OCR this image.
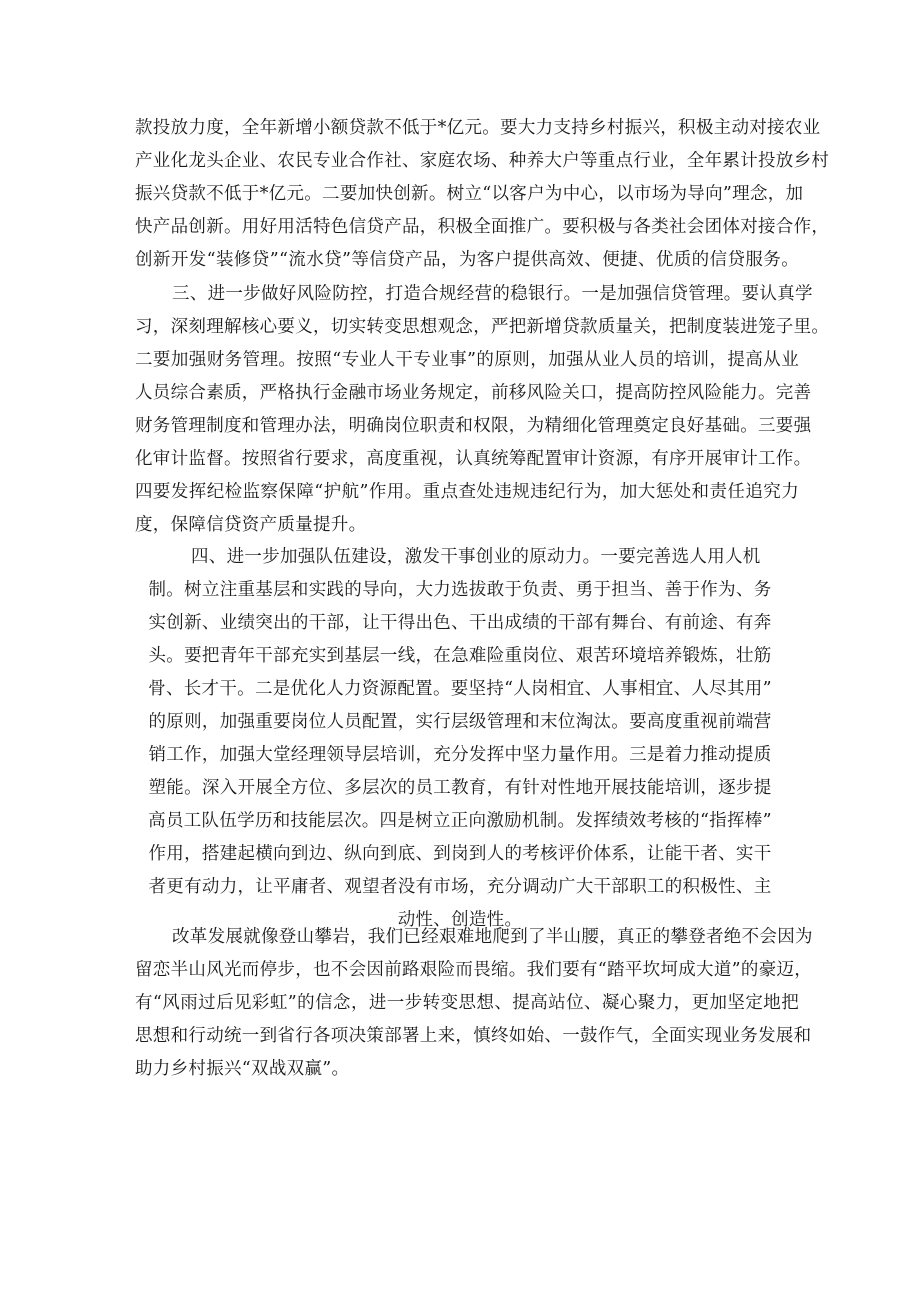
款投放力度，全年新增小额贷款不低于*亿元。要大力支持乡村振兴，积极主动对接农业
产业化龙头企业、农民专业合作社、家庭农场、种养大户等重点行业，全年累计投放乡村
振兴贷款不低于*亿元。二要加快创新。树立“以客户为中心，以市场为导向”理念，加
快产品创新。用好用活特色信贷产品，积极全面推广。要积极与各类社会团体对接合作，
创新开发“装修贷”“流水贷”等信贷产品，为客户提供高效、便捷、优质的信贷服务。
三、进一步做好风险防控，打造合规经营的稳银行。一是加强信贷管理。要认真学
习，深刻理解核心要义，切实转变思想观念，严把新增贷款质量关，把制度装进笼子里。
二要加强财务管理。按照“专业人干专业事”的原则，加强从业人员的培训，提高从业
人员综合素质，严格执行金融市场业务规定，前移风险关口，提高防控风险能力。完善
财务管理制度和管理办法，明确岗位职责和权限，为精细化管理奠定良好基础。三要强
化审计监督。按照省行要求，高度重视，认真统筹配置审计资源，有序开展审计工作。
四要发挥纪检监察保障“护航”作用。重点查处违规违纪行为，加大惩处和责任追究力
度，保障信贷资产质量提升。
四、进一步加强队伍建设，激发干事创业的原动力。一要完善选人用人机
制。树立注重基层和实践的导向，大力选拔敢于负责、勇于担当、善于作为、务
实创新、业绩突出的干部，让干得出色、干出成绩的干部有舞台、有前途、有奔
头。要把青年干部充实到基层一线，在急难险重岗位、艰苦环境培养锻炼，壮筋
骨、长才干。二是优化人力资源配置。要坚持“人岗相宜、人事相宜、人尽其用”
的原则，加强重要岗位人员配置，实行层级管理和末位淘汰。要高度重视前端营
销工作，加强大堂经理领导层培训，充分发挥中坚力量作用。三是着力推动提质
塑能。深入开展全方位、多层次的员工教育，有针对性地开展技能培训，逐步提
高员工队伍学历和技能层次。四是树立正向激励机制。发挥绩效考核的“指挥棒”
作用，搭建起横向到边、纵向到底、到岗到人的考核评价体系，让能干者、实干
者更有动力，让平庸者、观望者没有市场，充分调动广大干部职工的积极性、主
动性、创造性。
改革发展就像登山攀岩，我们已经艰难地爬到了半山腰，真正的攀登者绝不会因为
留恋半山风光而停步，也不会因前路艰险而畏缩。我们要有“踏平坎坷成大道”的豪迈，
有“风雨过后见彩虹”的信念，进一步转变思想、提高站位、凝心聚力，更加坚定地把
思想和行动统一到省行各项决策部署上来，慎终如始、一鼓作气，全面实现业务发展和
助力乡村振兴“双战双赢”。
